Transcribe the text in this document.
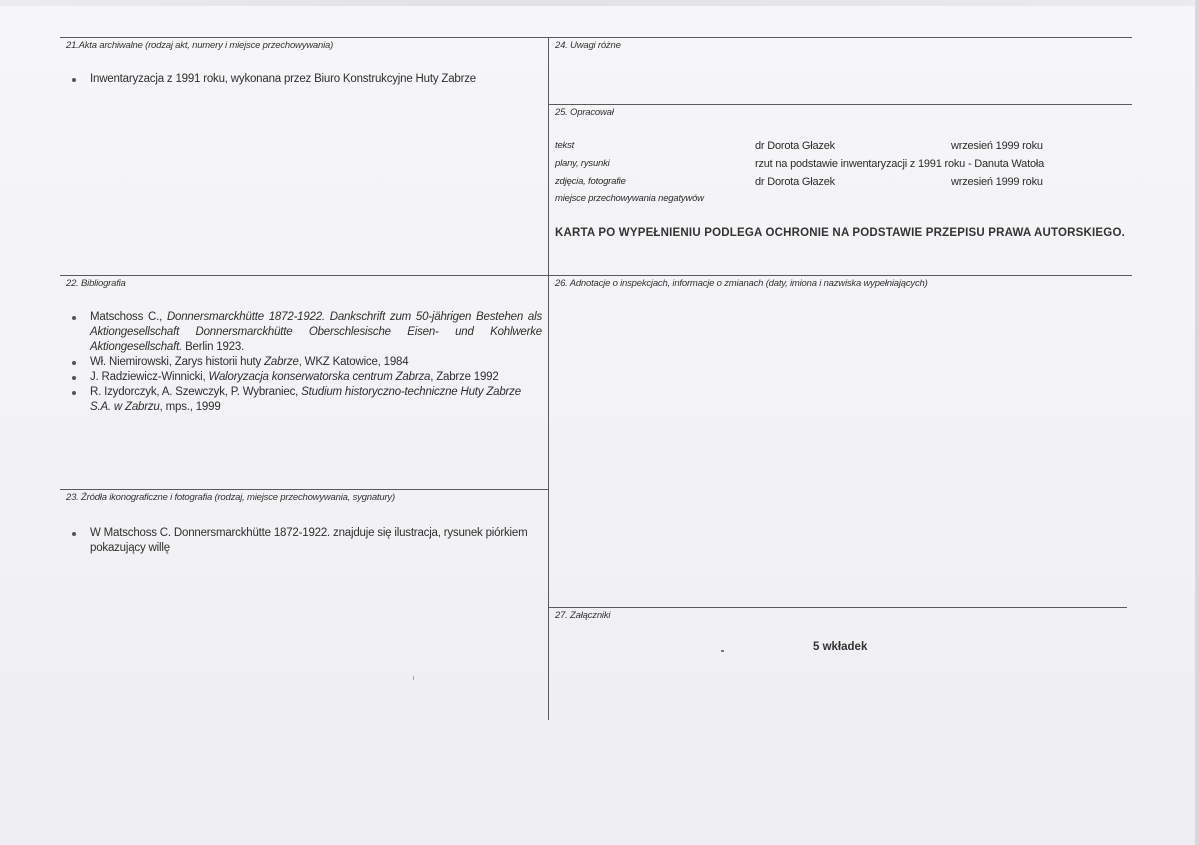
21.Akta archiwalne (rodzaj akt, numery i miejsce przechowywania)
Inwentaryzacja z 1991 roku, wykonana przez Biuro Konstrukcyjne Huty Zabrze
24. Uwagi różne
25. Opracował
tekst	dr Dorota Głazek	wrzesień 1999 roku
plany, rysunki	rzut na podstawie inwentaryzacji z 1991 roku - Danuta Watoła
zdjęcia, fotografie	dr Dorota Głazek	wrzesień 1999 roku
miejsce przechowywania negatywów
KARTA PO WYPEŁNIENIU PODLEGA OCHRONIE NA PODSTAWIE PRZEPISU PRAWA AUTORSKIEGO.
22. Bibliografia
Matschoss C., Donnersmarckhütte 1872-1922. Dankschrift zum 50-jährigen Bestehen als Aktiongesellschaft Donnersmarckhütte Oberschlesische Eisen- und Kohlwerke Aktiongesellschaft. Berlin 1923.
Wł. Niemirowski, Zarys historii huty Zabrze, WKZ Katowice, 1984
J. Radziewicz-Winnicki, Waloryzacja konserwatorska centrum Zabrza, Zabrze 1992
R. Izydorczyk, A. Szewczyk, P. Wybraniec, Studium historyczno-techniczne Huty Zabrze S.A. w Zabrzu, mps., 1999
26. Adnotacje o inspekcjach, informacje o zmianach (daty, imiona i nazwiska wypełniających)
23. Źródła ikonograficzne i fotografia (rodzaj, miejsce przechowywania, sygnatury)
W Matschoss C. Donnersmarckhütte 1872-1922. znajduje się ilustracja, rysunek piórkiem pokazujący willę
27. Załączniki
5 wkładek
